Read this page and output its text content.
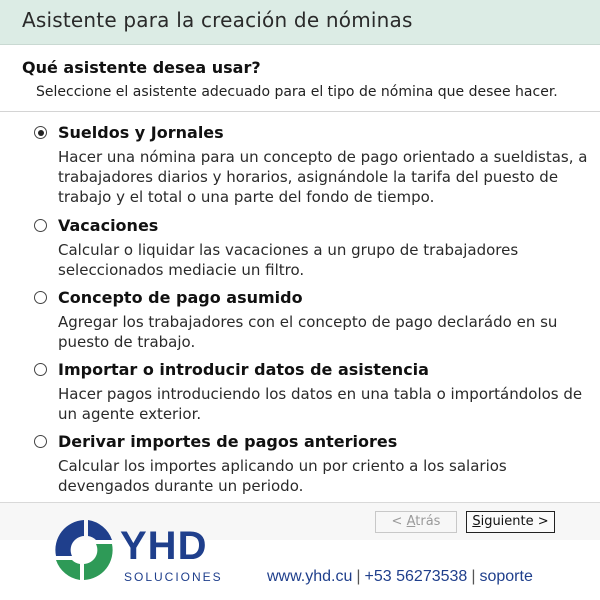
Asistente para la creación de nóminas
Qué asistente desea usar?
Seleccione el asistente adecuado para el tipo de nómina que desee hacer.
Sueldos y Jornales
Hacer una nómina para un concepto de pago orientado a sueldistas, a trabajadores diarios y horarios, asignándole la tarifa del puesto de trabajo y el total o una parte del fondo de tiempo.
Vacaciones
Calcular o liquidar las vacaciones a un grupo de trabajadores seleccionados mediacie un filtro.
Concepto de pago asumido
Agregar los trabajadores con el concepto de pago declarádo en su puesto de trabajo.
Importar o introducir datos de asistencia
Hacer pagos introduciendo los datos en una tabla o importándolos de un agente exterior.
Derivar importes de pagos anteriores
Calcular los importes aplicando un por criento a los salarios devengados durante un periodo.
< Atrás	Siguiente >
YHD
SOLUCIONES	www.yhd.cu | +53 56273538 | soporte
